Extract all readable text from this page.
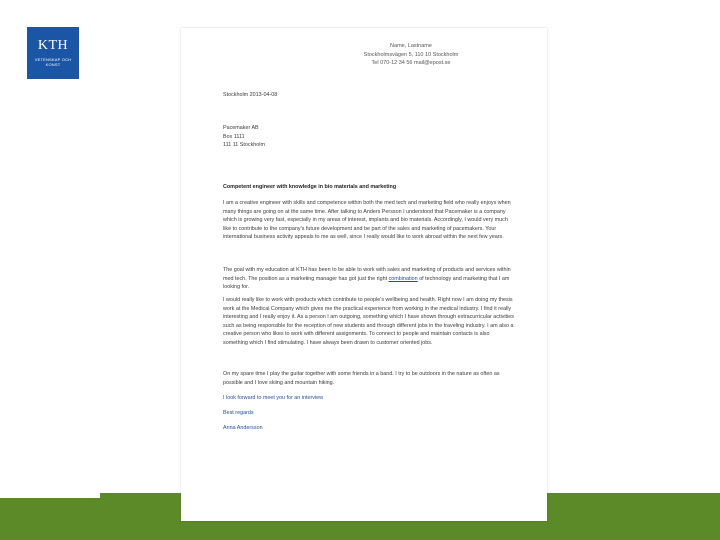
KTH
VETENSKAP OCH KONST
Name, Lastname
Stockholmsvägen 5, 110 10 Stockholm
Tel 070-12 34 56 mail@epost.se

Stockholm 2013-04-08

Pacemaker AB
Box 1111
111 11 Stockholm

Competent engineer with knowledge in bio materials and marketing

I am a creative engineer with skills and competence within both the med tech and marketing field who really enjoys when many things are going on at the same time. After talking to Anders Persson I understood that Pacemaker is a company which is growing very fast, especially in my areas of interest, implants and bio materials. Accordingly, I would very much like to contribute to the company's future development and be part of the sales and marketing of pacemakers. Your international business activity appeals to me as well, since I really would like to work abroad within the next few years.

The goal with my education at KTH has been to be able to work with sales and marketing of products and services within med tech. The position as a marketing manager has got just the right combination of technology and marketing that I am looking for.

I would really like to work with products which contribute to people's wellbeing and health. Right now I am doing my thesis work at the Medical Company which gives me the practical experience from working in the medical industry. I find it really interesting and I really enjoy it. As a person I am outgoing, something which I have shown through extracurricular activities such as being responsible for the reception of new students and through different jobs in the traveling industry. I am also a creative person who likes to work with different assignments. To connect to people and maintain contacts is also something which I find stimulating. I have always been drawn to customer oriented jobs.

On my spare time I play the guitar together with some friends in a band. I try to be outdoors in the nature as often as possible and I love skiing and mountain hiking.

I look forward to meet you for an interview

Best regards

Anna Andersson
